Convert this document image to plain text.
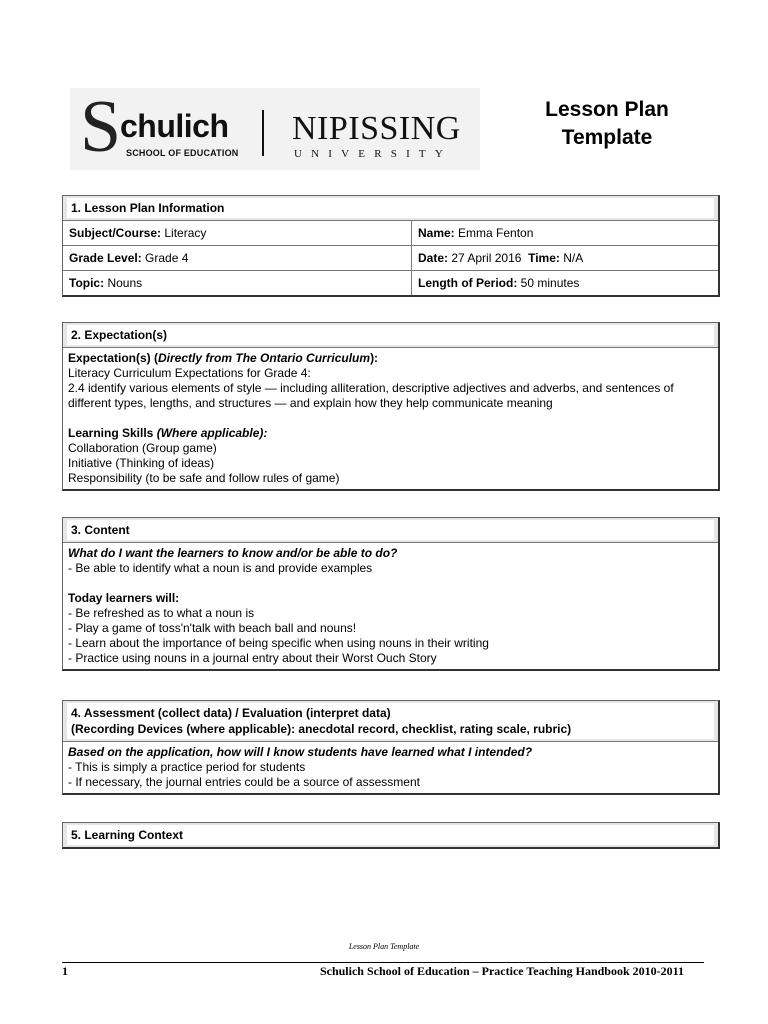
S
chulich
SCHOOL OF EDUCATION
NIPISSING
UNIVERSITY
Lesson Plan
Template
1. Lesson Plan Information
Subject/Course: Literacy	Name: Emma Fenton
Grade Level: Grade 4	Date: 27 April 2016 Time: N/A
Topic: Nouns	Length of Period: 50 minutes
2. Expectation(s)

Expectation(s) (Directly from The Ontario Curriculum):

Literacy Curriculum Expectations for Grade 4:

2.4 identify various elements of style — including alliteration, descriptive adjectives and adverbs, and sentences of different types, lengths, and structures — and explain how they help communicate meaning

Learning Skills (Where applicable):

Collaboration (Group game)

Initiative (Thinking of ideas)

Responsibility (to be safe and follow rules of game)

3. Content

What do I want the learners to know and/or be able to do?

- Be able to identify what a noun is and provide examples

Today learners will:

- Be refreshed as to what a noun is

- Play a game of toss'n'talk with beach ball and nouns!

- Learn about the importance of being specific when using nouns in their writing

- Practice using nouns in a journal entry about their Worst Ouch Story

4. Assessment (collect data) / Evaluation (interpret data)
(Recording Devices (where applicable): anecdotal record, checklist, rating scale, rubric)

Based on the application, how will I know students have learned what I intended?

- This is simply a practice period for students

- If necessary, the journal entries could be a source of assessment

5. Learning Context
Lesson Plan Template
1	Schulich School of Education – Practice Teaching Handbook 2010-2011
